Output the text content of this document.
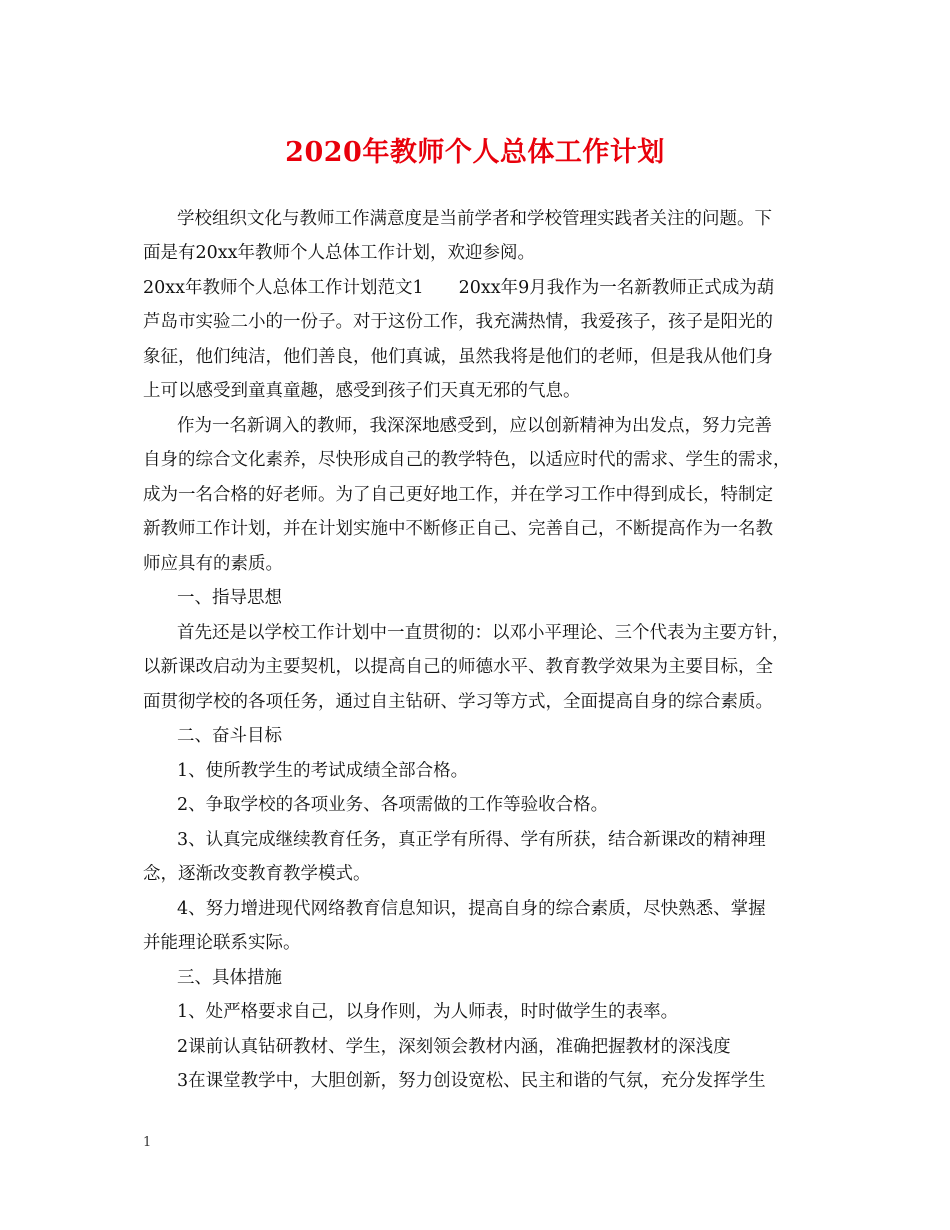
2020年教师个人总体工作计划
学校组织文化与教师工作满意度是当前学者和学校管理实践者关注的问题。下
面是有20xx年教师个人总体工作计划，欢迎参阅。
20xx年教师个人总体工作计划范文1　　20xx年9月我作为一名新教师正式成为葫
芦岛市实验二小的一份子。对于这份工作，我充满热情，我爱孩子，孩子是阳光的
象征，他们纯洁，他们善良，他们真诚，虽然我将是他们的老师，但是我从他们身
上可以感受到童真童趣，感受到孩子们天真无邪的气息。
作为一名新调入的教师，我深深地感受到，应以创新精神为出发点，努力完善
自身的综合文化素养，尽快形成自己的教学特色，以适应时代的需求、学生的需求，
成为一名合格的好老师。为了自己更好地工作，并在学习工作中得到成长，特制定
新教师工作计划，并在计划实施中不断修正自己、完善自己，不断提高作为一名教
师应具有的素质。
一、指导思想
首先还是以学校工作计划中一直贯彻的：以邓小平理论、三个代表为主要方针，
以新课改启动为主要契机，以提高自己的师德水平、教育教学效果为主要目标，全
面贯彻学校的各项任务，通过自主钻研、学习等方式，全面提高自身的综合素质。
二、奋斗目标
1、使所教学生的考试成绩全部合格。
2、争取学校的各项业务、各项需做的工作等验收合格。
3、认真完成继续教育任务，真正学有所得、学有所获，结合新课改的精神理
念，逐渐改变教育教学模式。
4、努力增进现代网络教育信息知识，提高自身的综合素质，尽快熟悉、掌握
并能理论联系实际。
三、具体措施
1、处严格要求自己，以身作则，为人师表，时时做学生的表率。
2课前认真钻研教材、学生，深刻领会教材内涵，准确把握教材的深浅度
3在课堂教学中，大胆创新，努力创设宽松、民主和谐的气氛，充分发挥学生
1
